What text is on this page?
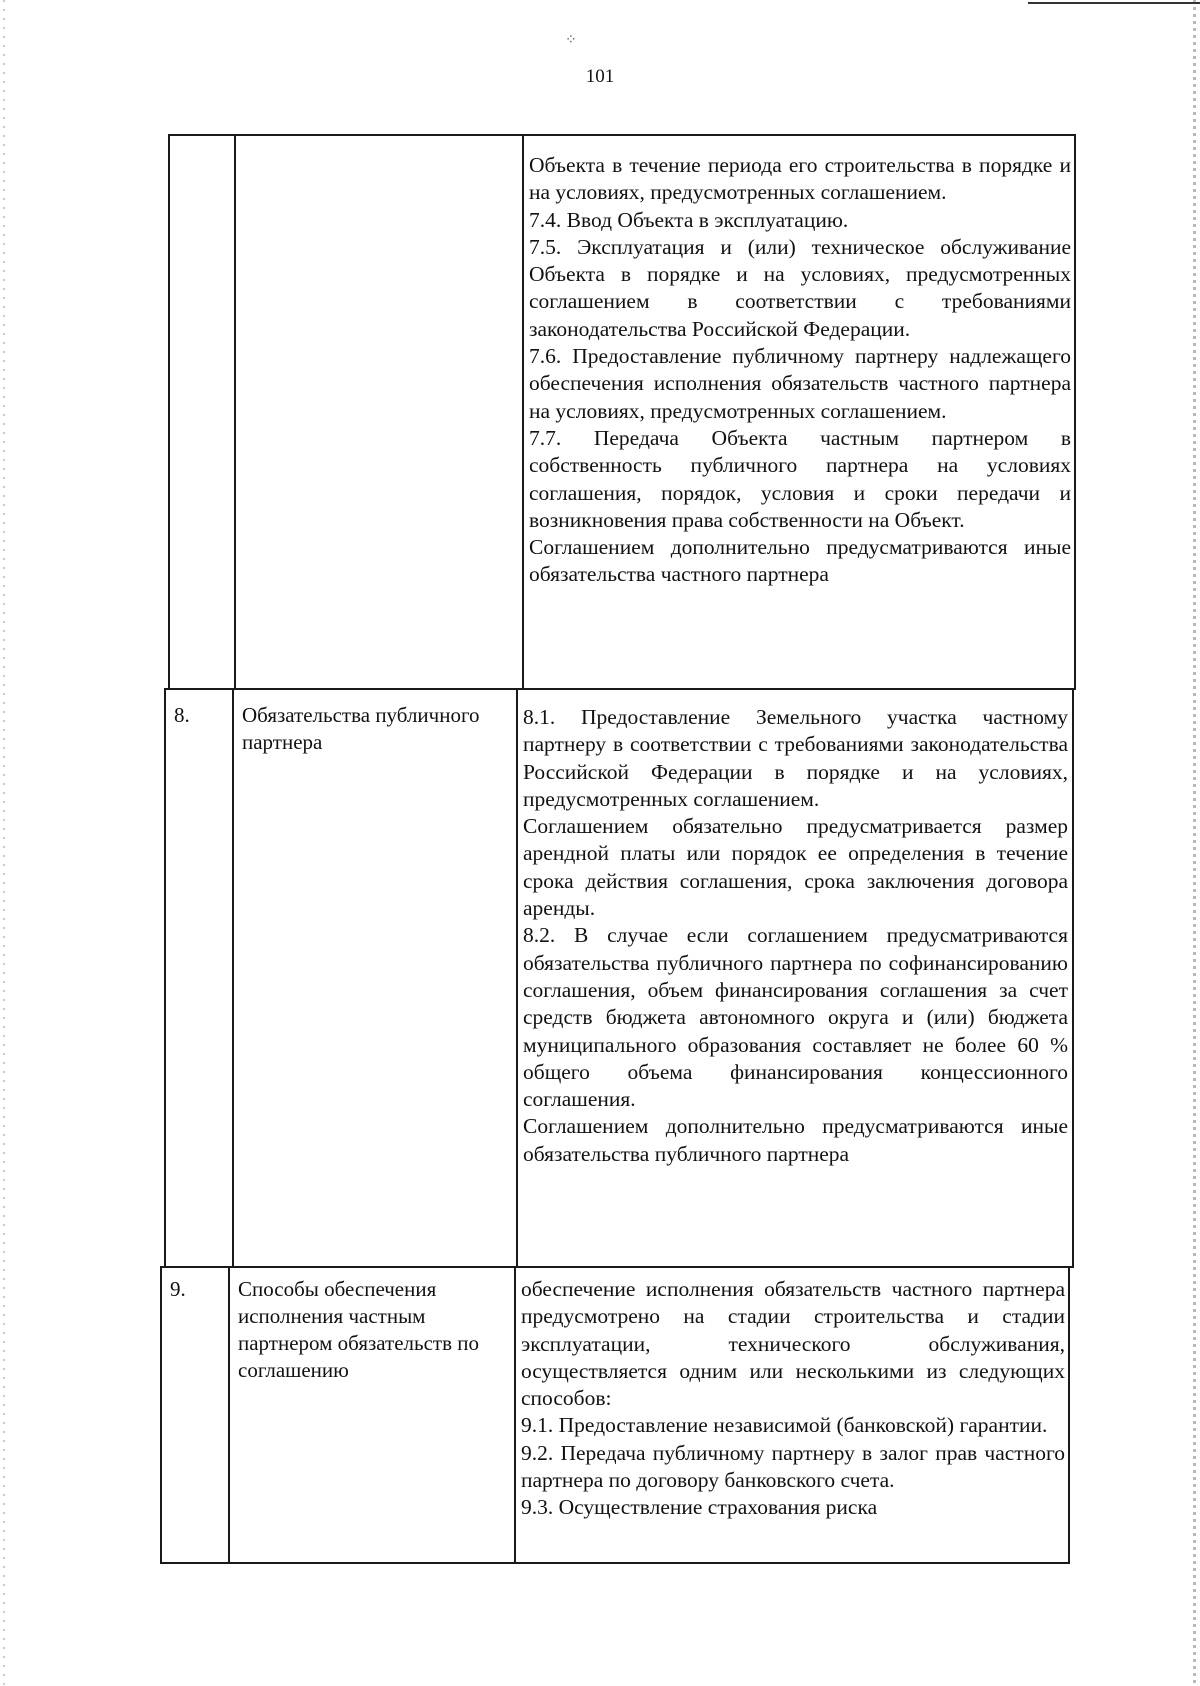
⁘
101

Объекта в течение периода его строительства в порядке и на условиях, предусмотренных соглашением.

7.4. Ввод Объекта в эксплуатацию.

7.5. Эксплуатация и (или) техническое обслуживание Объекта в порядке и на условиях, предусмотренных соглашением в соответствии с требованиями законодательства Российской Федерации.

7.6. Предоставление публичному партнеру надлежащего обеспечения исполнения обязательств частного партнера на условиях, предусмотренных соглашением.

7.7. Передача Объекта частным партнером в собственность публичного партнера на условиях соглашения, порядок, условия и сроки передачи и возникновения права собственности на Объект.

Соглашением дополнительно предусматриваются иные обязательства частного партнера

8. Обязательства публичного партнера

8.1. Предоставление Земельного участка частному партнеру в соответствии с требованиями законодательства Российской Федерации в порядке и на условиях, предусмотренных соглашением.

Соглашением обязательно предусматривается размер арендной платы или порядок ее определения в течение срока действия соглашения, срока заключения договора аренды.

8.2. В случае если соглашением предусматриваются обязательства публичного партнера по софинансированию соглашения, объем финансирования соглашения за счет средств бюджета автономного округа и (или) бюджета муниципального образования составляет не более 60 % общего объема финансирования концессионного соглашения.

Соглашением дополнительно предусматриваются иные обязательства публичного партнера

9. Способы обеспечения исполнения частным партнером обязательств по соглашению

обеспечение исполнения обязательств частного партнера предусмотрено на стадии строительства и стадии эксплуатации, технического обслуживания, осуществляется одним или несколькими из следующих способов:

9.1. Предоставление независимой (банковской) гарантии.

9.2. Передача публичному партнеру в залог прав частного партнера по договору банковского счета.

9.3. Осуществление страхования риска
